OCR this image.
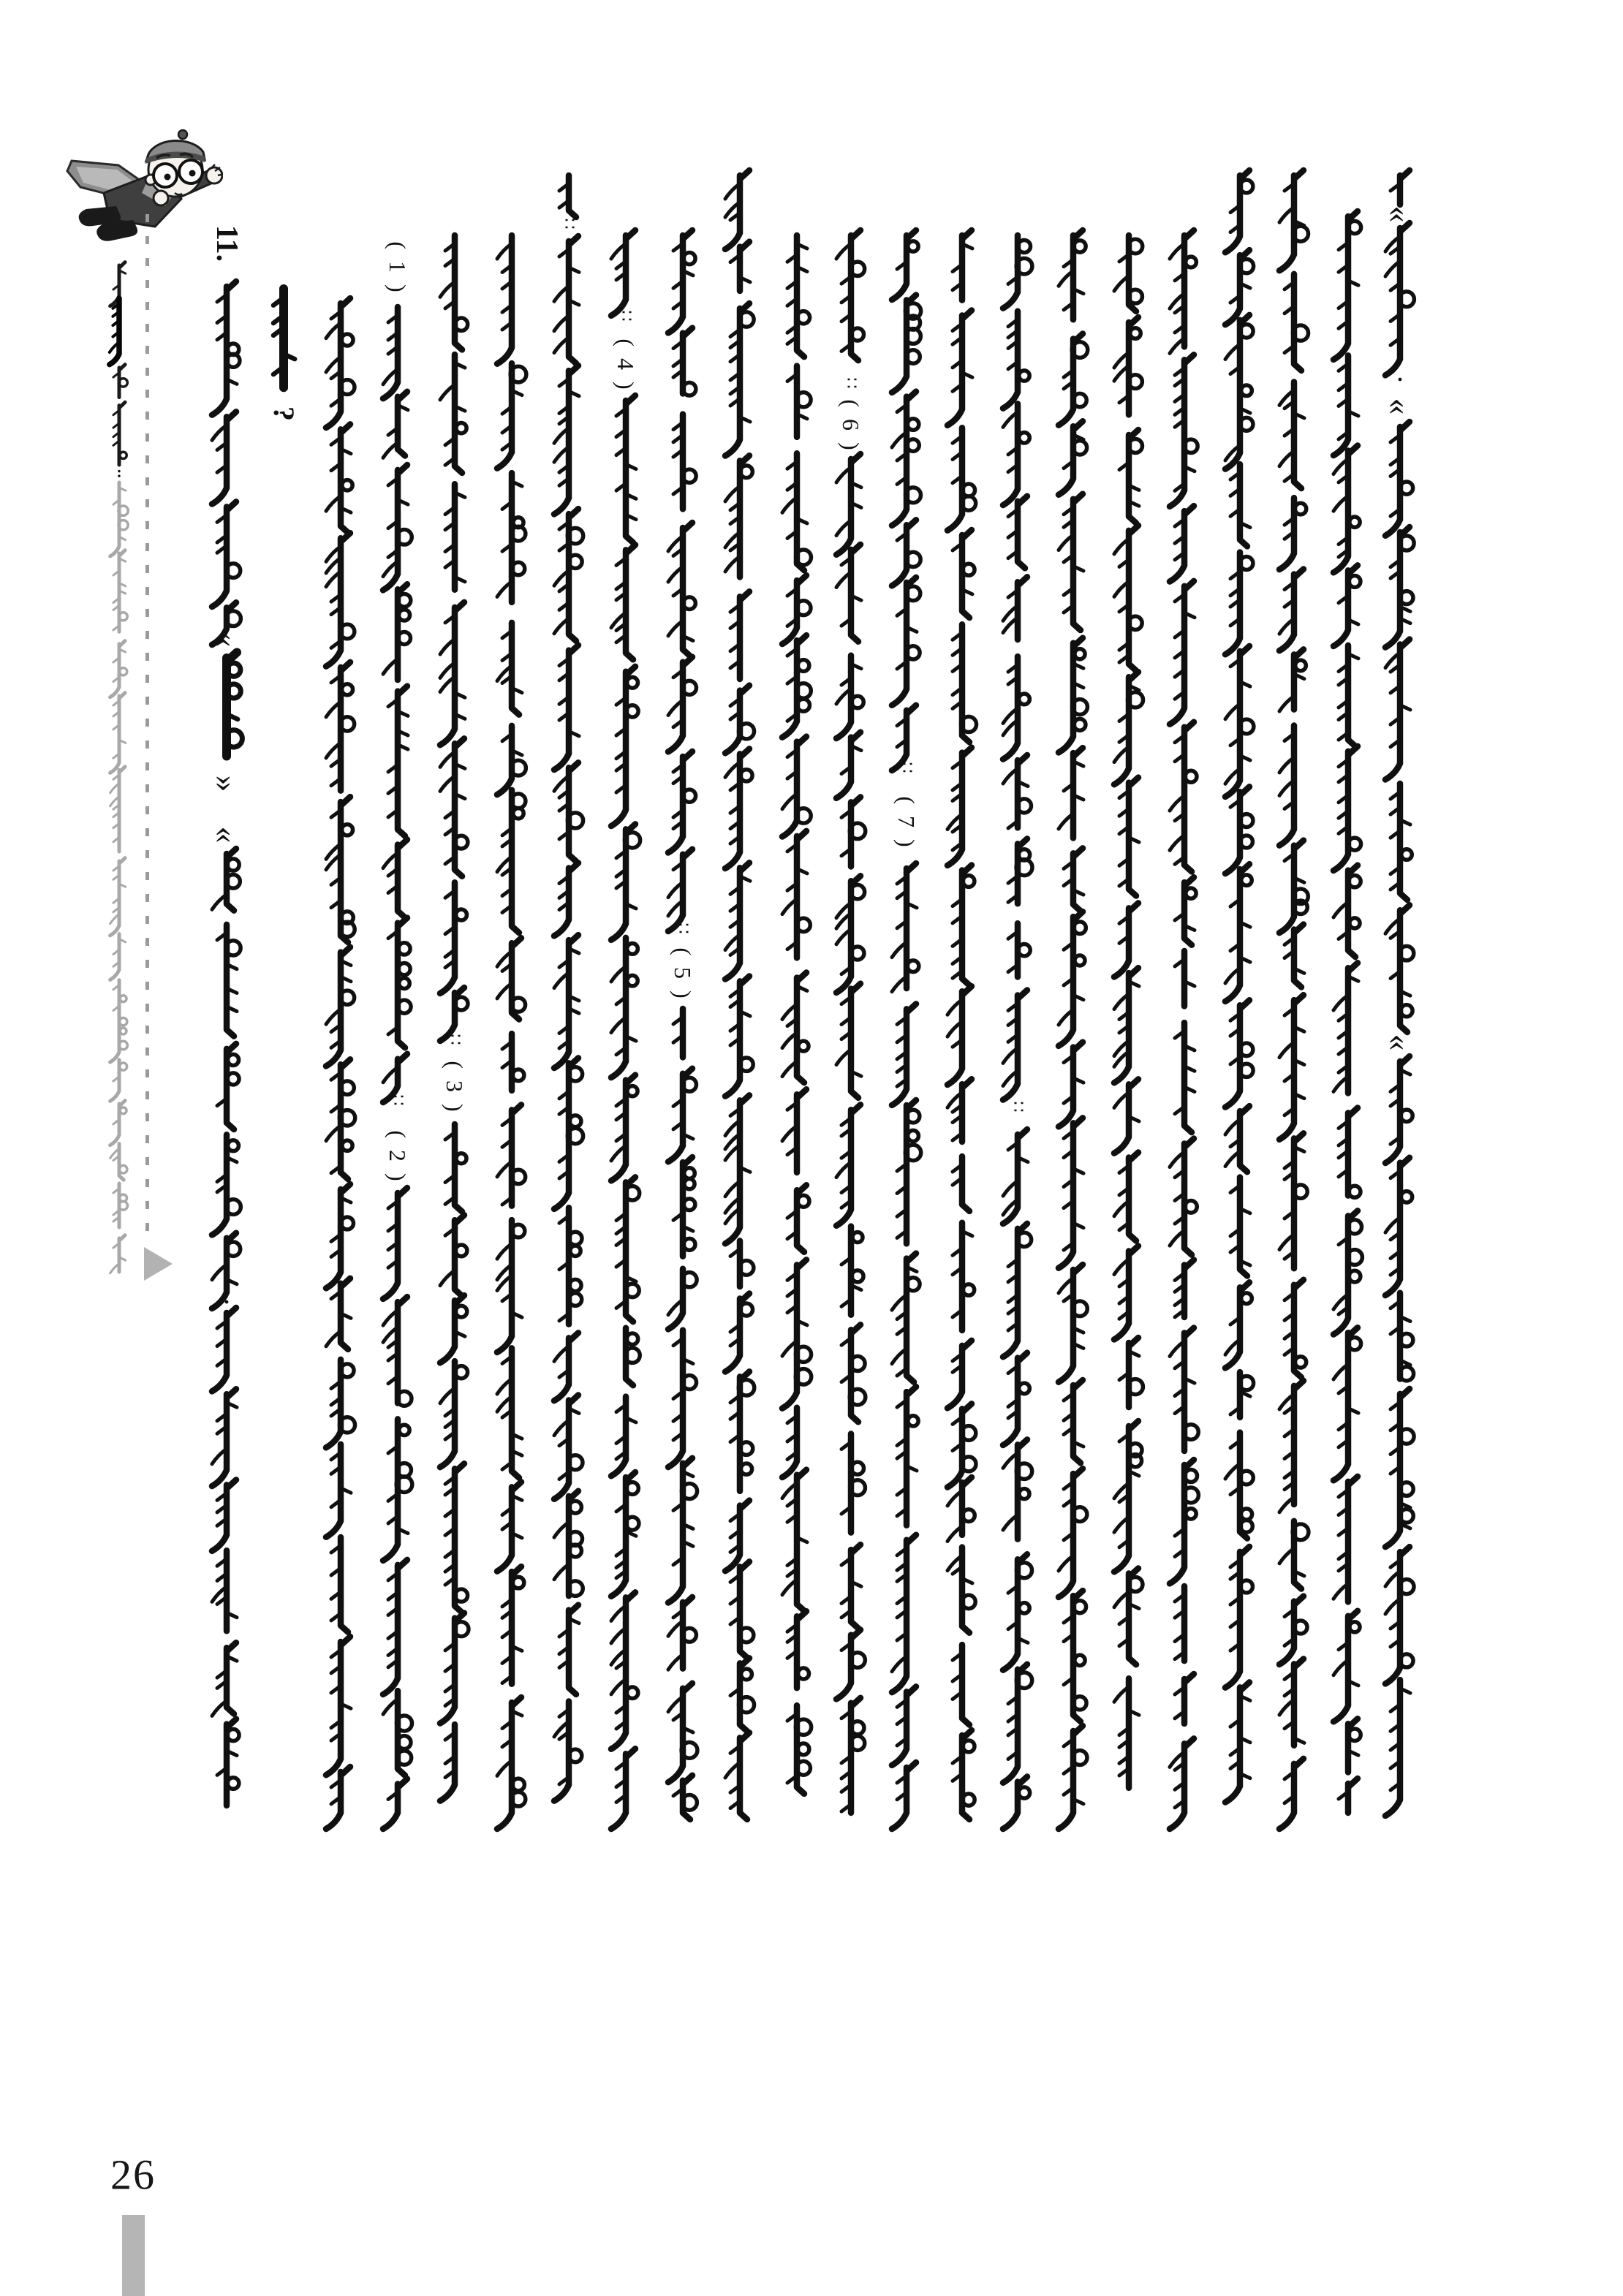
11.
«
»
«
·
?
( 1 )
∷
( 2 )
∷
( 3 )
∷
∷
( 4 )
∷
( 5 )
∷
( 6 )
∷
( 7 )
∷
«
·
«
«
:
26
